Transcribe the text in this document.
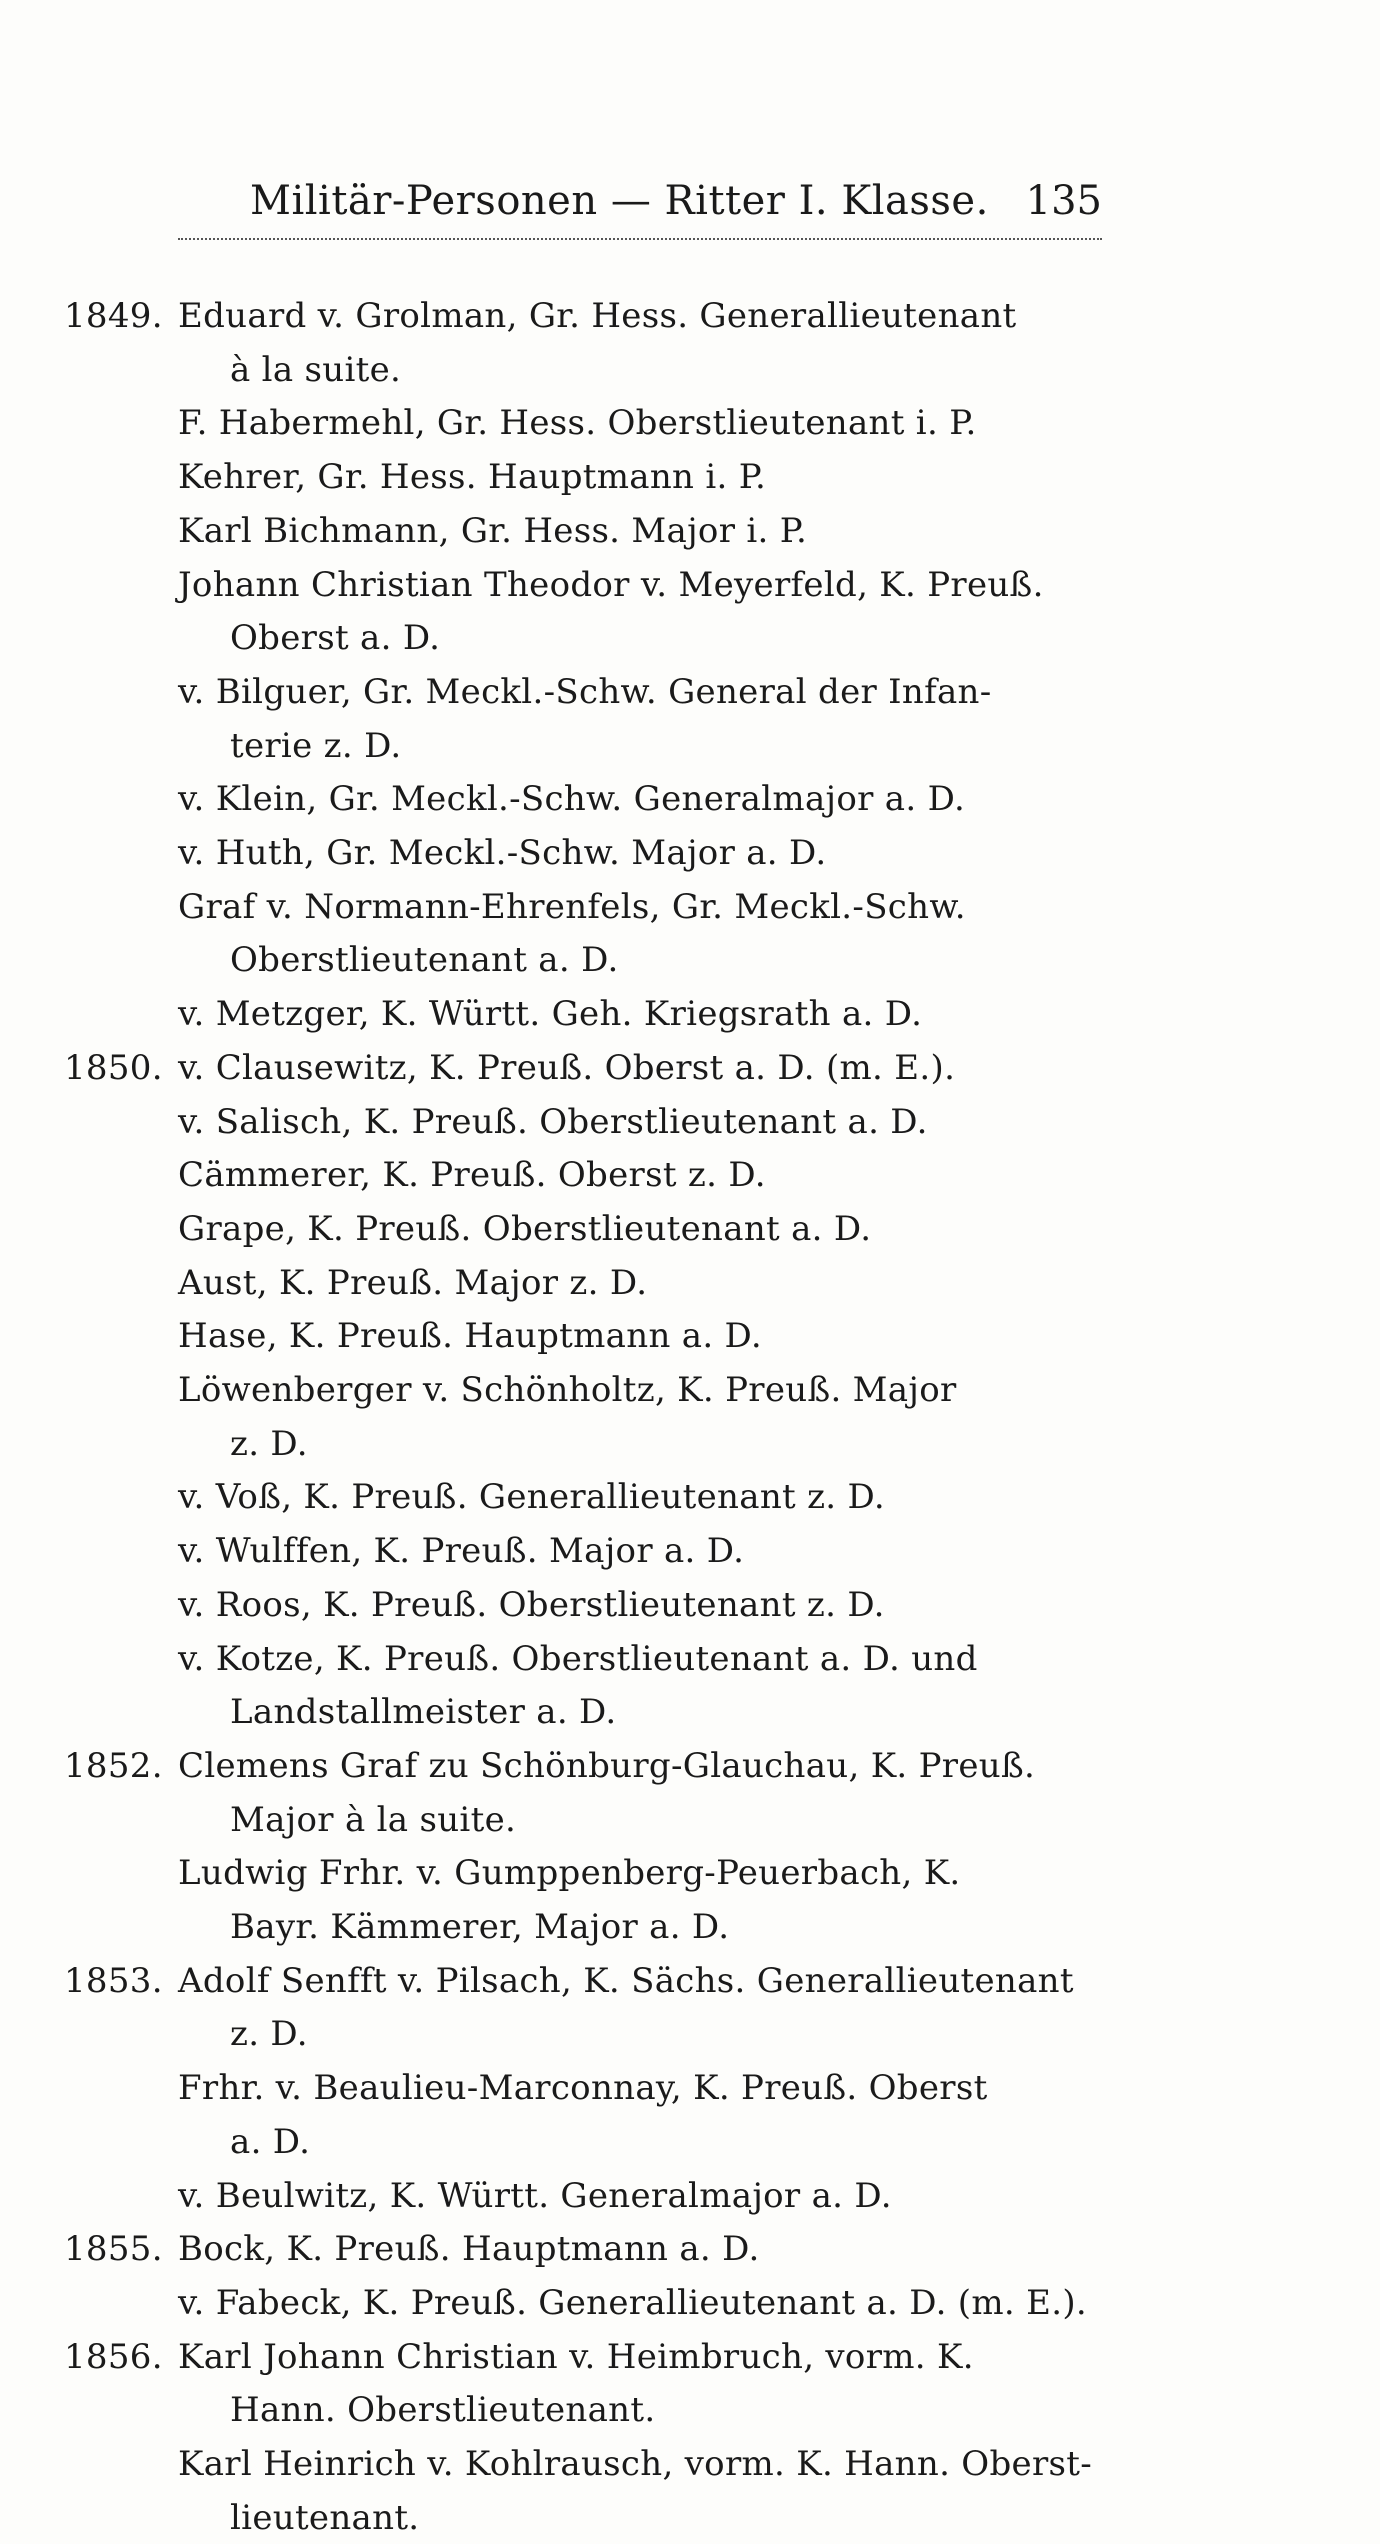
Militär-Personen — Ritter I. Klasse. 135
1849. Eduard v. Grolman, Gr. Hess. Generallieutenant
à la suite.
F. Habermehl, Gr. Hess. Oberstlieutenant i. P.
Kehrer, Gr. Hess. Hauptmann i. P.
Karl Bichmann, Gr. Hess. Major i. P.
Johann Christian Theodor v. Meyerfeld, K. Preuß.
Oberst a. D.
v. Bilguer, Gr. Meckl.-Schw. General der Infan-
terie z. D.
v. Klein, Gr. Meckl.-Schw. Generalmajor a. D.
v. Huth, Gr. Meckl.-Schw. Major a. D.
Graf v. Normann-Ehrenfels, Gr. Meckl.-Schw.
Oberstlieutenant a. D.
v. Metzger, K. Württ. Geh. Kriegsrath a. D.
1850. v. Clausewitz, K. Preuß. Oberst a. D. (m. E.).
v. Salisch, K. Preuß. Oberstlieutenant a. D.
Cämmerer, K. Preuß. Oberst z. D.
Grape, K. Preuß. Oberstlieutenant a. D.
Aust, K. Preuß. Major z. D.
Hase, K. Preuß. Hauptmann a. D.
Löwenberger v. Schönholtz, K. Preuß. Major
z. D.
v. Voß, K. Preuß. Generallieutenant z. D.
v. Wulffen, K. Preuß. Major a. D.
v. Roos, K. Preuß. Oberstlieutenant z. D.
v. Kotze, K. Preuß. Oberstlieutenant a. D. und
Landstallmeister a. D.
1852. Clemens Graf zu Schönburg-Glauchau, K. Preuß.
Major à la suite.
Ludwig Frhr. v. Gumppenberg-Peuerbach, K.
Bayr. Kämmerer, Major a. D.
1853. Adolf Senfft v. Pilsach, K. Sächs. Generallieutenant
z. D.
Frhr. v. Beaulieu-Marconnay, K. Preuß. Oberst
a. D.
v. Beulwitz, K. Württ. Generalmajor a. D.
1855. Bock, K. Preuß. Hauptmann a. D.
v. Fabeck, K. Preuß. Generallieutenant a. D. (m. E.).
1856. Karl Johann Christian v. Heimbruch, vorm. K.
Hann. Oberstlieutenant.
Karl Heinrich v. Kohlrausch, vorm. K. Hann. Oberst-
lieutenant.
